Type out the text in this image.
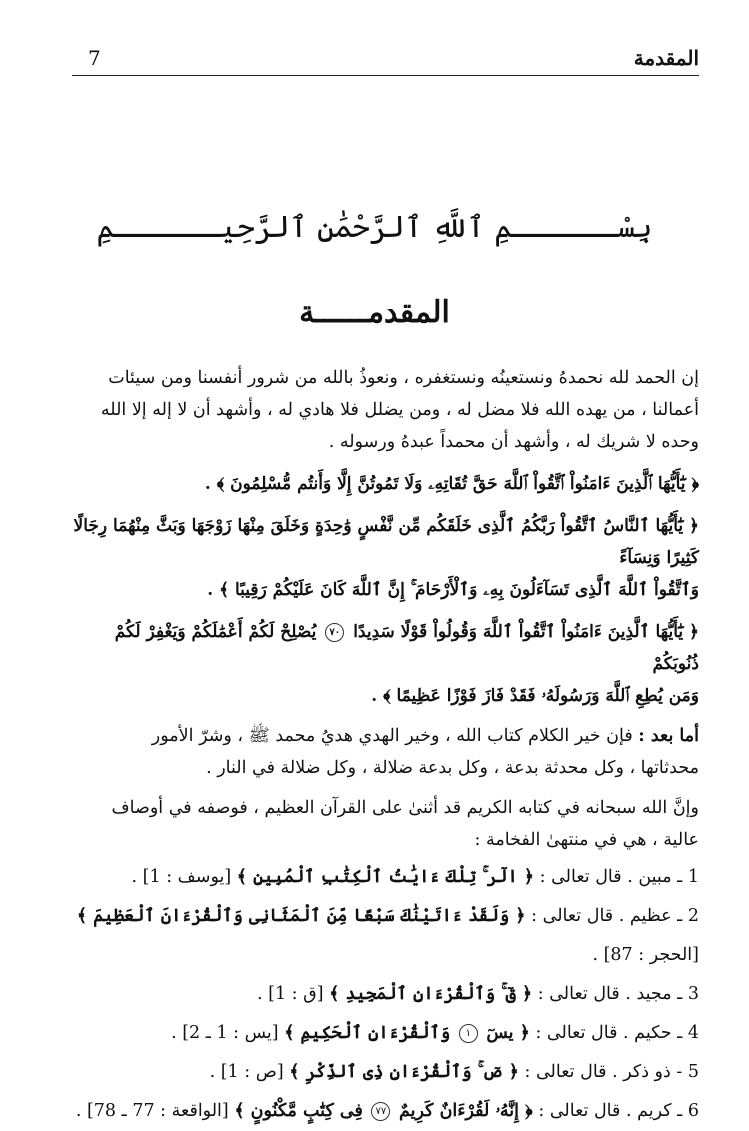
المقدمة
7
بِسْــــــمِ ٱللَّهِ ٱلرَّحْمَٰنِ ٱلرَّحِيــــــمِ
المقدمــــــة

إن الحمد لله نحمدهُ ونستعينُه ونستغفره ، ونعوذُ بالله من شرور أنفسنا ومن سيئات

أعمالنا ، من يهده الله فلا مضل له ، ومن يضلل فلا هادي له ، وأشهد أن لا إله إلا الله

وحده لا شريك له ، وأشهد أن محمداً عبدهُ ورسوله .

﴿ يَٰٓأَيُّهَا ٱلَّذِينَ ءَامَنُواْ ٱتَّقُواْ ٱللَّهَ حَقَّ تُقَاتِهِۦ وَلَا تَمُوتُنَّ إِلَّا وَأَنتُم مُّسْلِمُونَ ﴾ .

﴿ يَٰٓأَيُّهَا ٱلنَّاسُ ٱتَّقُواْ رَبَّكُمُ ٱلَّذِى خَلَقَكُم مِّن نَّفْسٍ وَٰحِدَةٍ وَخَلَقَ مِنْهَا زَوْجَهَا وَبَثَّ مِنْهُمَا رِجَالًا كَثِيرًا وَنِسَآءً

وَٱتَّقُواْ ٱللَّهَ ٱلَّذِى تَسَآءَلُونَ بِهِۦ وَٱلْأَرْحَامَ ۚ إِنَّ ٱللَّهَ كَانَ عَلَيْكُمْ رَقِيبًا ﴾ .

﴿ يَٰٓأَيُّهَا ٱلَّذِينَ ءَامَنُواْ ٱتَّقُواْ ٱللَّهَ وَقُولُواْ قَوْلًا سَدِيدًا ٧٠ يُصْلِحْ لَكُمْ أَعْمَٰلَكُمْ وَيَغْفِرْ لَكُمْ ذُنُوبَكُمْ

وَمَن يُطِعِ ٱللَّهَ وَرَسُولَهُۥ فَقَدْ فَازَ فَوْزًا عَظِيمًا ﴾ .

أما بعد : فإن خير الكلام كتاب الله ، وخير الهدي هديُ محمد ﷺ ، وشرّ الأمور

محدثاتها ، وكل محدثة بدعة ، وكل بدعة ضلالة ، وكل ضلالة في النار .

وإنَّ الله سبحانه في كتابه الكريم قد أثنىٰ على القرآن العظيم ، فوصفه في أوصاف

عالية ، هي في منتهىٰ الفخامة :

1 ـ مبين . قال تعالى : ﴿ الٓر ۚ تِلْكَ ءَايَٰتُ ٱلْكِتَٰبِ ٱلْمُبِينِ ﴾ [يوسف : 1] .

2 ـ عظيم . قال تعالى : ﴿ وَلَقَدْ ءَاتَيْنَٰكَ سَبْعًا مِّنَ ٱلْمَثَانِى وَٱلْقُرْءَانَ ٱلْعَظِيمَ ﴾ [الحجر : 87] .

3 ـ مجيد . قال تعالى : ﴿ قٓ ۚ وَٱلْقُرْءَانِ ٱلْمَجِيدِ ﴾ [ق : 1] .

4 ـ حكيم . قال تعالى : ﴿ يسٓ ١ وَٱلْقُرْءَانِ ٱلْحَكِيمِ ﴾ [يس : 1 ـ 2] .

5 - ذو ذكر . قال تعالى : ﴿ صٓ ۚ وَٱلْقُرْءَانِ ذِى ٱلذِّكْرِ ﴾ [ص : 1] .

6 ـ كريم . قال تعالى : ﴿ إِنَّهُۥ لَقُرْءَانٌ كَرِيمٌ ٧٧ فِى كِتَٰبٍ مَّكْنُونٍ ﴾ [الواقعة : 77 ـ 78] .
